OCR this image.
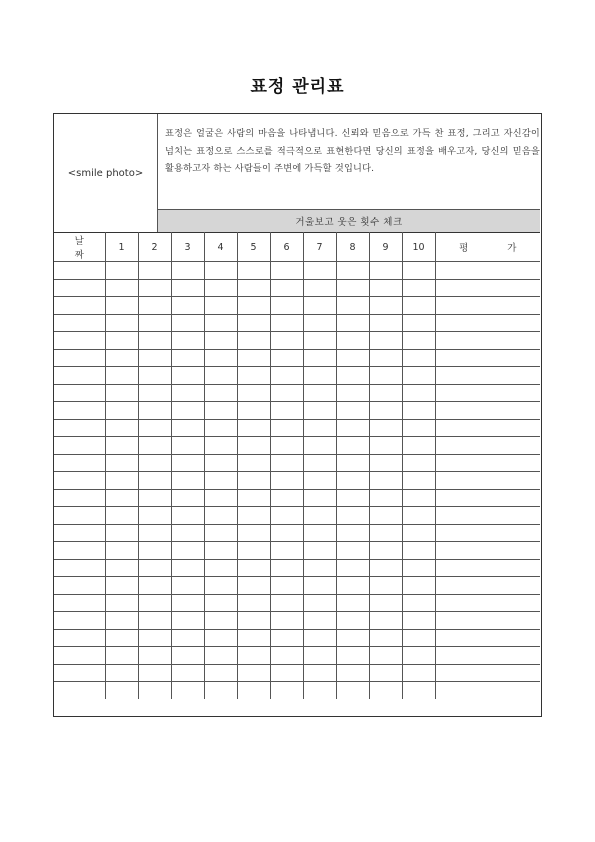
표정 관리표
<smile photo>
표정은 얼굴은 사람의 마음을 나타냅니다. 신뢰와 믿음으로 가득 찬 표정, 그리고 자신감이 넘치는 표정으로 스스로를 적극적으로 표현한다면 당신의 표정을 배우고자, 당신의 믿음을 활용하고자 하는 사람들이 주변에 가득할 것입니다.
거울보고 웃은 횟수 체크
날 짜	1	2	3	4	5	6	7	8	9	10	평 가
